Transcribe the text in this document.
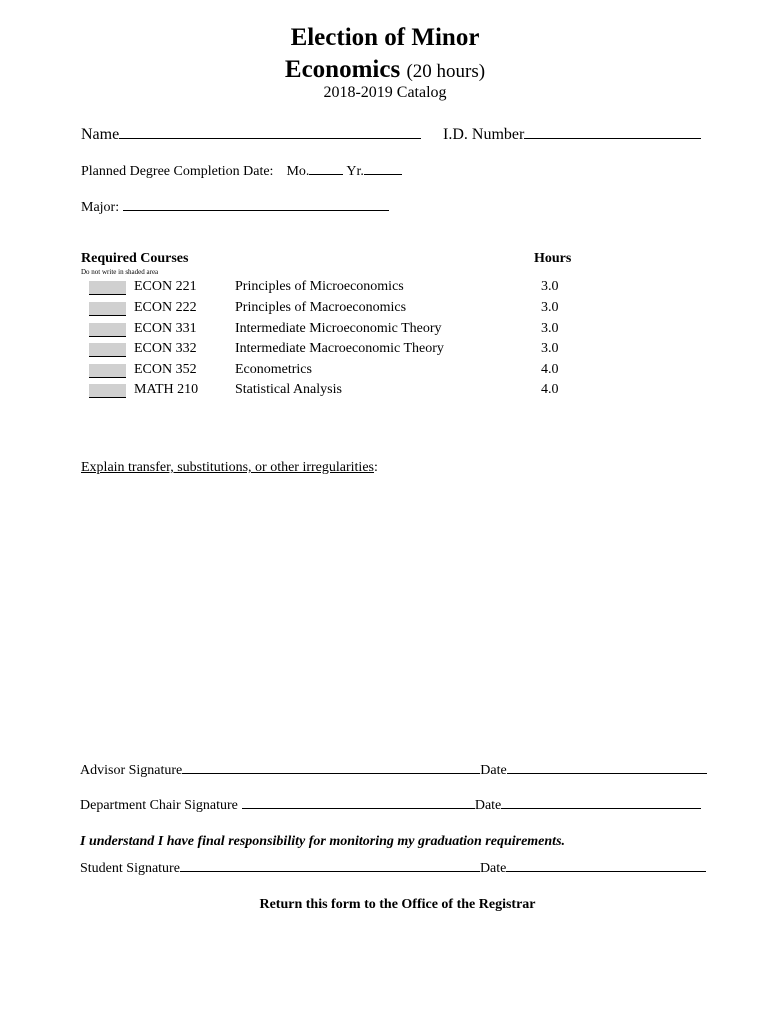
Election of Minor
Economics (20 hours)
2018-2019 Catalog
Name	I.D. Number
Planned Degree Completion Date: Mo.	Yr.
Major:
Required Courses	Hours
Do not write in shaded area
ECON 221	Principles of Microeconomics	3.0
ECON 222	Principles of Macroeconomics	3.0
ECON 331	Intermediate Microeconomic Theory	3.0
ECON 332	Intermediate Macroeconomic Theory	3.0
ECON 352	Econometrics	4.0
MATH 210	Statistical Analysis	4.0
Explain transfer, substitutions, or other irregularities:
Advisor Signature	Date
Department Chair Signature	Date
I understand I have final responsibility for monitoring my graduation requirements.
Student Signature	Date
Return this form to the Office of the Registrar
